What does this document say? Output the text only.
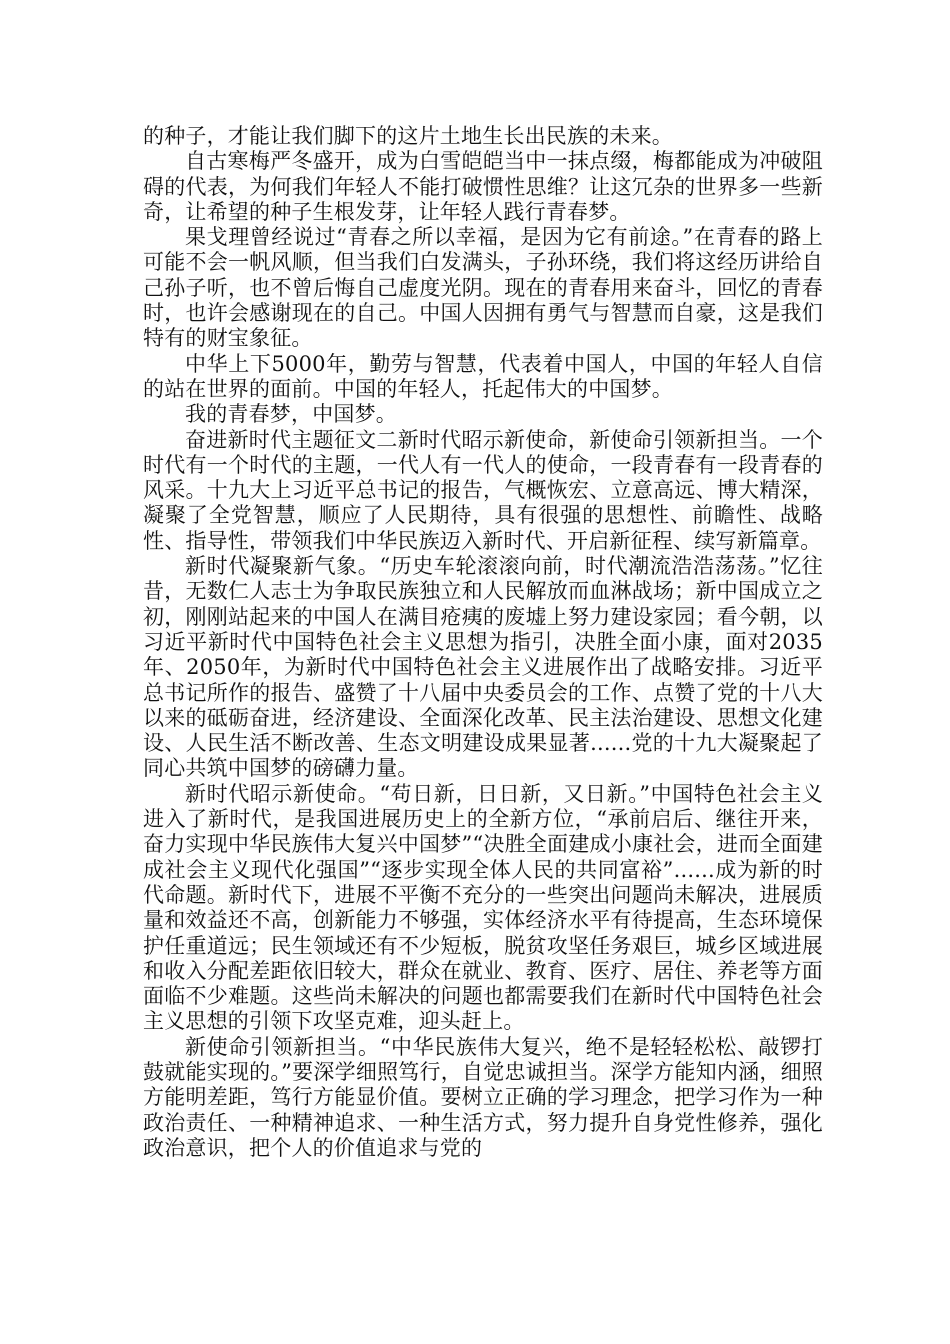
的种子，才能让我们脚下的这片土地生长出民族的未来。

自古寒梅严冬盛开，成为白雪皑皑当中一抹点缀，梅都能成为冲破阻碍的代表，为何我们年轻人不能打破惯性思维？让这冗杂的世界多一些新奇，让希望的种子生根发芽，让年轻人践行青春梦。

果戈理曾经说过“青春之所以幸福，是因为它有前途。”在青春的路上可能不会一帆风顺，但当我们白发满头，子孙环绕，我们将这经历讲给自己孙子听，也不曾后悔自己虚度光阴。现在的青春用来奋斗，回忆的青春时，也许会感谢现在的自己。中国人因拥有勇气与智慧而自豪，这是我们特有的财宝象征。

中华上下5000年，勤劳与智慧，代表着中国人，中国的年轻人自信的站在世界的面前。中国的年轻人，托起伟大的中国梦。

我的青春梦，中国梦。

奋进新时代主题征文二新时代昭示新使命，新使命引领新担当。一个时代有一个时代的主题，一代人有一代人的使命，一段青春有一段青春的风采。十九大上习近平总书记的报告，气概恢宏、立意高远、博大精深，凝聚了全党智慧，顺应了人民期待，具有很强的思想性、前瞻性、战略性、指导性，带领我们中华民族迈入新时代、开启新征程、续写新篇章。

新时代凝聚新气象。“历史车轮滚滚向前，时代潮流浩浩荡荡。”忆往昔，无数仁人志士为争取民族独立和人民解放而血淋战场；新中国成立之初，刚刚站起来的中国人在满目疮痍的废墟上努力建设家园；看今朝，以习近平新时代中国特色社会主义思想为指引，决胜全面小康，面对2035年、2050年，为新时代中国特色社会主义进展作出了战略安排。习近平总书记所作的报告、盛赞了十八届中央委员会的工作、点赞了党的十八大以来的砥砺奋进，经济建设、全面深化改革、民主法治建设、思想文化建设、人民生活不断改善、生态文明建设成果显著......党的十九大凝聚起了同心共筑中国梦的磅礴力量。

新时代昭示新使命。“苟日新，日日新，又日新。”中国特色社会主义进入了新时代，是我国进展历史上的全新方位，“承前启后、继往开来，奋力实现中华民族伟大复兴中国梦”“决胜全面建成小康社会，进而全面建成社会主义现代化强国”“逐步实现全体人民的共同富裕”......成为新的时代命题。新时代下，进展不平衡不充分的一些突出问题尚未解决，进展质量和效益还不高，创新能力不够强，实体经济水平有待提高，生态环境保护任重道远；民生领域还有不少短板，脱贫攻坚任务艰巨，城乡区域进展和收入分配差距依旧较大，群众在就业、教育、医疗、居住、养老等方面面临不少难题。这些尚未解决的问题也都需要我们在新时代中国特色社会主义思想的引领下攻坚克难，迎头赶上。

新使命引领新担当。“中华民族伟大复兴，绝不是轻轻松松、敲锣打鼓就能实现的。”要深学细照笃行，自觉忠诚担当。深学方能知内涵，细照方能明差距，笃行方能显价值。要树立正确的学习理念，把学习作为一种政治责任、一种精神追求、一种生活方式，努力提升自身党性修养，强化政治意识，把个人的价值追求与党的
